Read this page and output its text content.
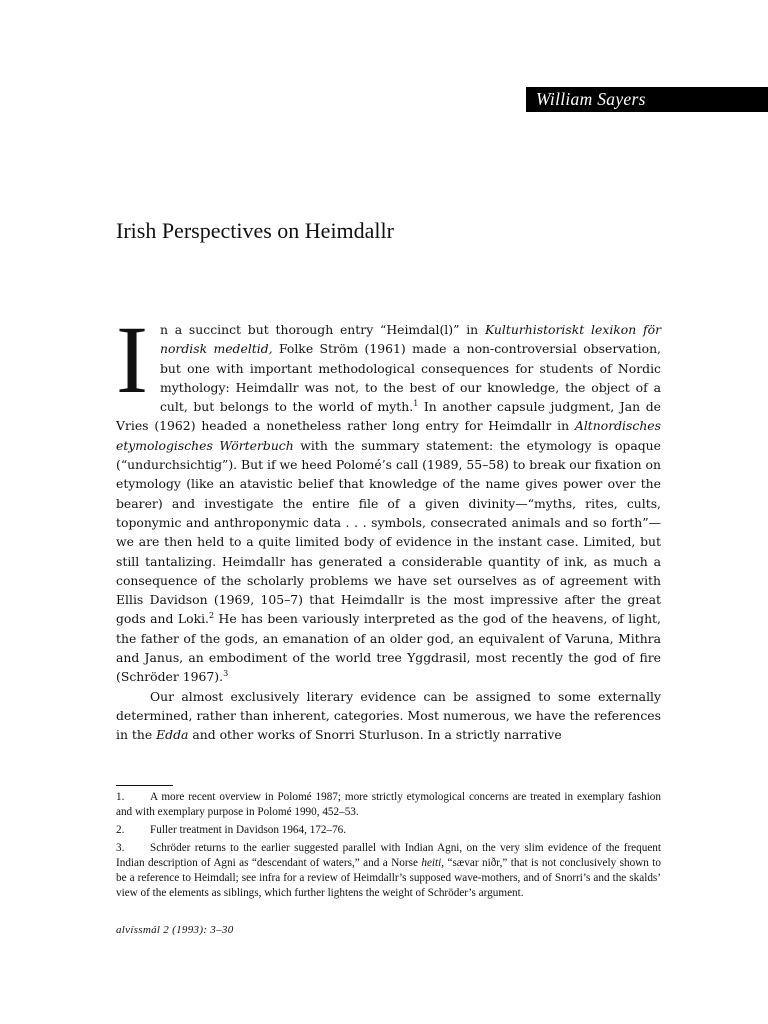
William Sayers
Irish Perspectives on Heimdallr

In a succinct but thorough entry “Heimdal(l)” in Kulturhistoriskt lexikon för nordisk medeltid, Folke Ström (1961) made a non-controversial observation, but one with important methodological consequences for students of Nordic mythology: Heimdallr was not, to the best of our knowledge, the object of a cult, but belongs to the world of myth.$^1$ In another capsule judgment, Jan de Vries (1962) headed a nonetheless rather long entry for Heimdallr in Altnordisches etymologisches Wörterbuch with the summary statement: the etymology is opaque (“undurchsichtig”). But if we heed Polomé’s call (1989, 55–58) to break our fixation on etymology (like an atavistic belief that knowledge of the name gives power over the bearer) and investigate the entire file of a given divinity—“myths, rites, cults, toponymic and anthroponymic data . . . symbols, consecrated animals and so forth”—we are then held to a quite limited body of evidence in the instant case. Limited, but still tantalizing. Heimdallr has generated a considerable quantity of ink, as much a consequence of the scholarly problems we have set ourselves as of agreement with Ellis Davidson (1969, 105–7) that Heimdallr is the most impressive after the great gods and Loki.$^2$ He has been variously interpreted as the god of the heavens, of light, the father of the gods, an emanation of an older god, an equivalent of Varuna, Mithra and Janus, an embodiment of the world tree Yggdrasil, most recently the god of fire (Schröder 1967).$^3$

Our almost exclusively literary evidence can be assigned to some externally determined, rather than inherent, categories. Most numerous, we have the references in the Edda and other works of Snorri Sturluson. In a strictly narrative

1. A more recent overview in Polomé 1987; more strictly etymological concerns are treated in exemplary fashion and with exemplary purpose in Polomé 1990, 452–53.

2. Fuller treatment in Davidson 1964, 172–76.

3. Schröder returns to the earlier suggested parallel with Indian Agni, on the very slim evidence of the frequent Indian description of Agni as “descendant of waters,” and a Norse heiti, “sævar niðr,” that is not conclusively shown to be a reference to Heimdall; see infra for a review of Heimdallr’s supposed wave-mothers, and of Snorri’s and the skalds’ view of the elements as siblings, which further lightens the weight of Schröder’s argument.

alvíssmál 2 (1993): 3–30
